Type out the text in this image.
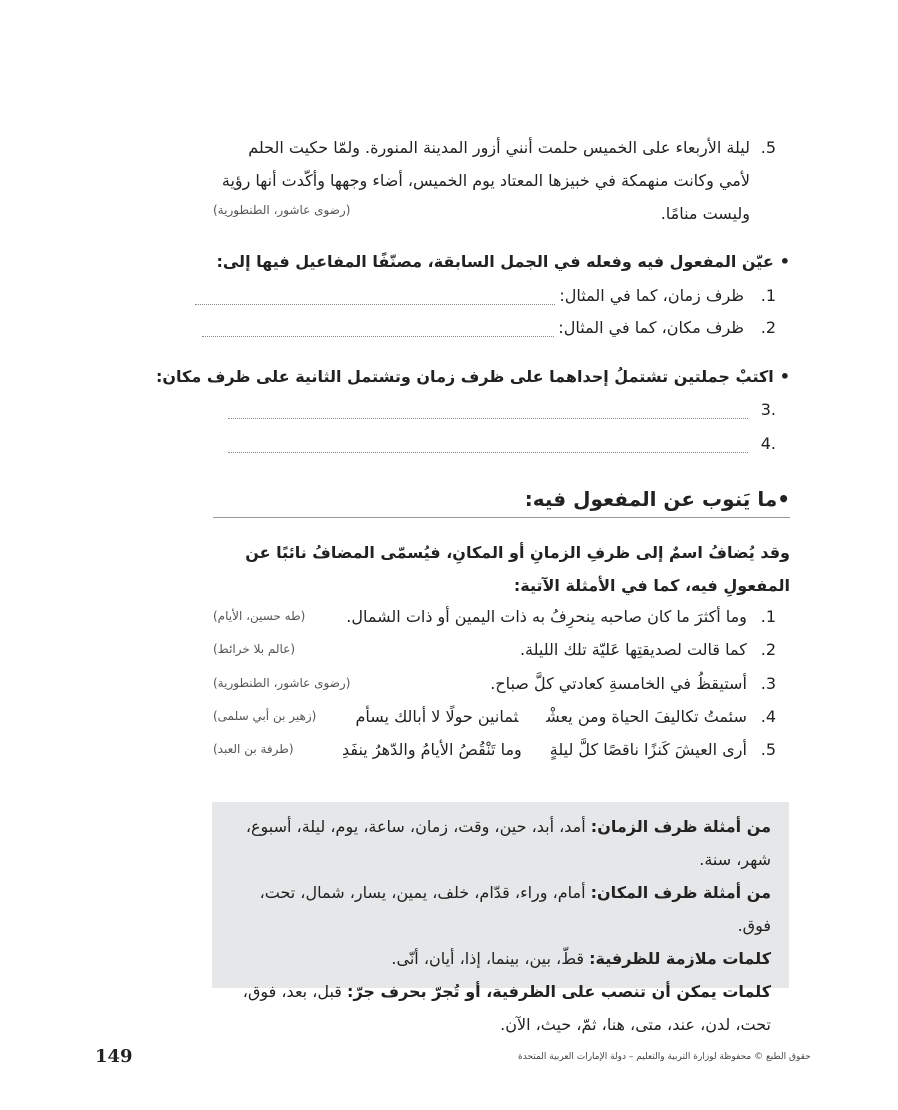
5.
ليلة الأربعاء على الخميس حلمت أنني أزور المدينة المنورة. ولمّا حكيت الحلم لأمي وكانت منهمكة في خبيزها المعتاد يوم الخميس، أضاء وجهها وأكّدت أنها رؤية وليست منامًا.
(رضوى عاشور، الطنطورية)
•عيّن المفعول فيه وفعله في الجمل السابقة، مصنّفًا المفاعيل فيها إلى:
1.
ظرف زمان، كما في المثال:
2.
ظرف مكان، كما في المثال:
•اكتبْ جملتين تشتملُ إحداهما على ظرف زمان وتشتمل الثانية على ظرف مكان:
.3
.4
•ما يَنوب عن المفعول فيه:
وقد يُضافُ اسمٌ إلى ظرفِ الزمانِ أو المكانِ، فيُسمّى المضافُ نائبًا عن المفعولِ فيه، كما في الأمثلة الآتية:
1. وما أكثرَ ما كان صاحبه ينحرِفُ به ذات اليمين أو ذات الشمال.
(طه حسين، الأيام)
2. كما قالت لصديقتِها عَليّة تلك الليلة.
(عالم بلا خرائط)
3. أستيقظُ في الخامسةِ كعادتي كلَّ صباح.
(رضوى عاشور، الطنطورية)
4. سئمتُ تكاليفَ الحياة ومن يعشْثمانين حولًا لا أبالك يسأم
(زهير بن أبي سلمى)
5. أرى العيشَ كَنزًا ناقصًا كلَّ ليلةٍوما تَنْقُصُ الأيامُ والدّهرُ ينفَدِ
(طرفة بن العبد)
من أمثلة ظرف الزمان: أمد، أبد، حين، وقت، زمان، ساعة، يوم، ليلة، أسبوع، شهر، سنة.
من أمثلة ظرف المكان: أمام، وراء، قدّام، خلف، يمين، يسار، شمال، تحت، فوق.
كلمات ملازمة للظرفية: قطّ، بين، بينما، إذا، أيان، أنّى.
كلمات يمكن أن تنصب على الظرفية، أو تُجرّ بحرف جرّ: قبل، بعد، فوق، تحت، لدن، عند، متى، هنا، ثمّ، حيث، الآن.
149	حقوق الطبع © محفوظة لوزارة التربية والتعليم – دولة الإمارات العربية المتحدة
